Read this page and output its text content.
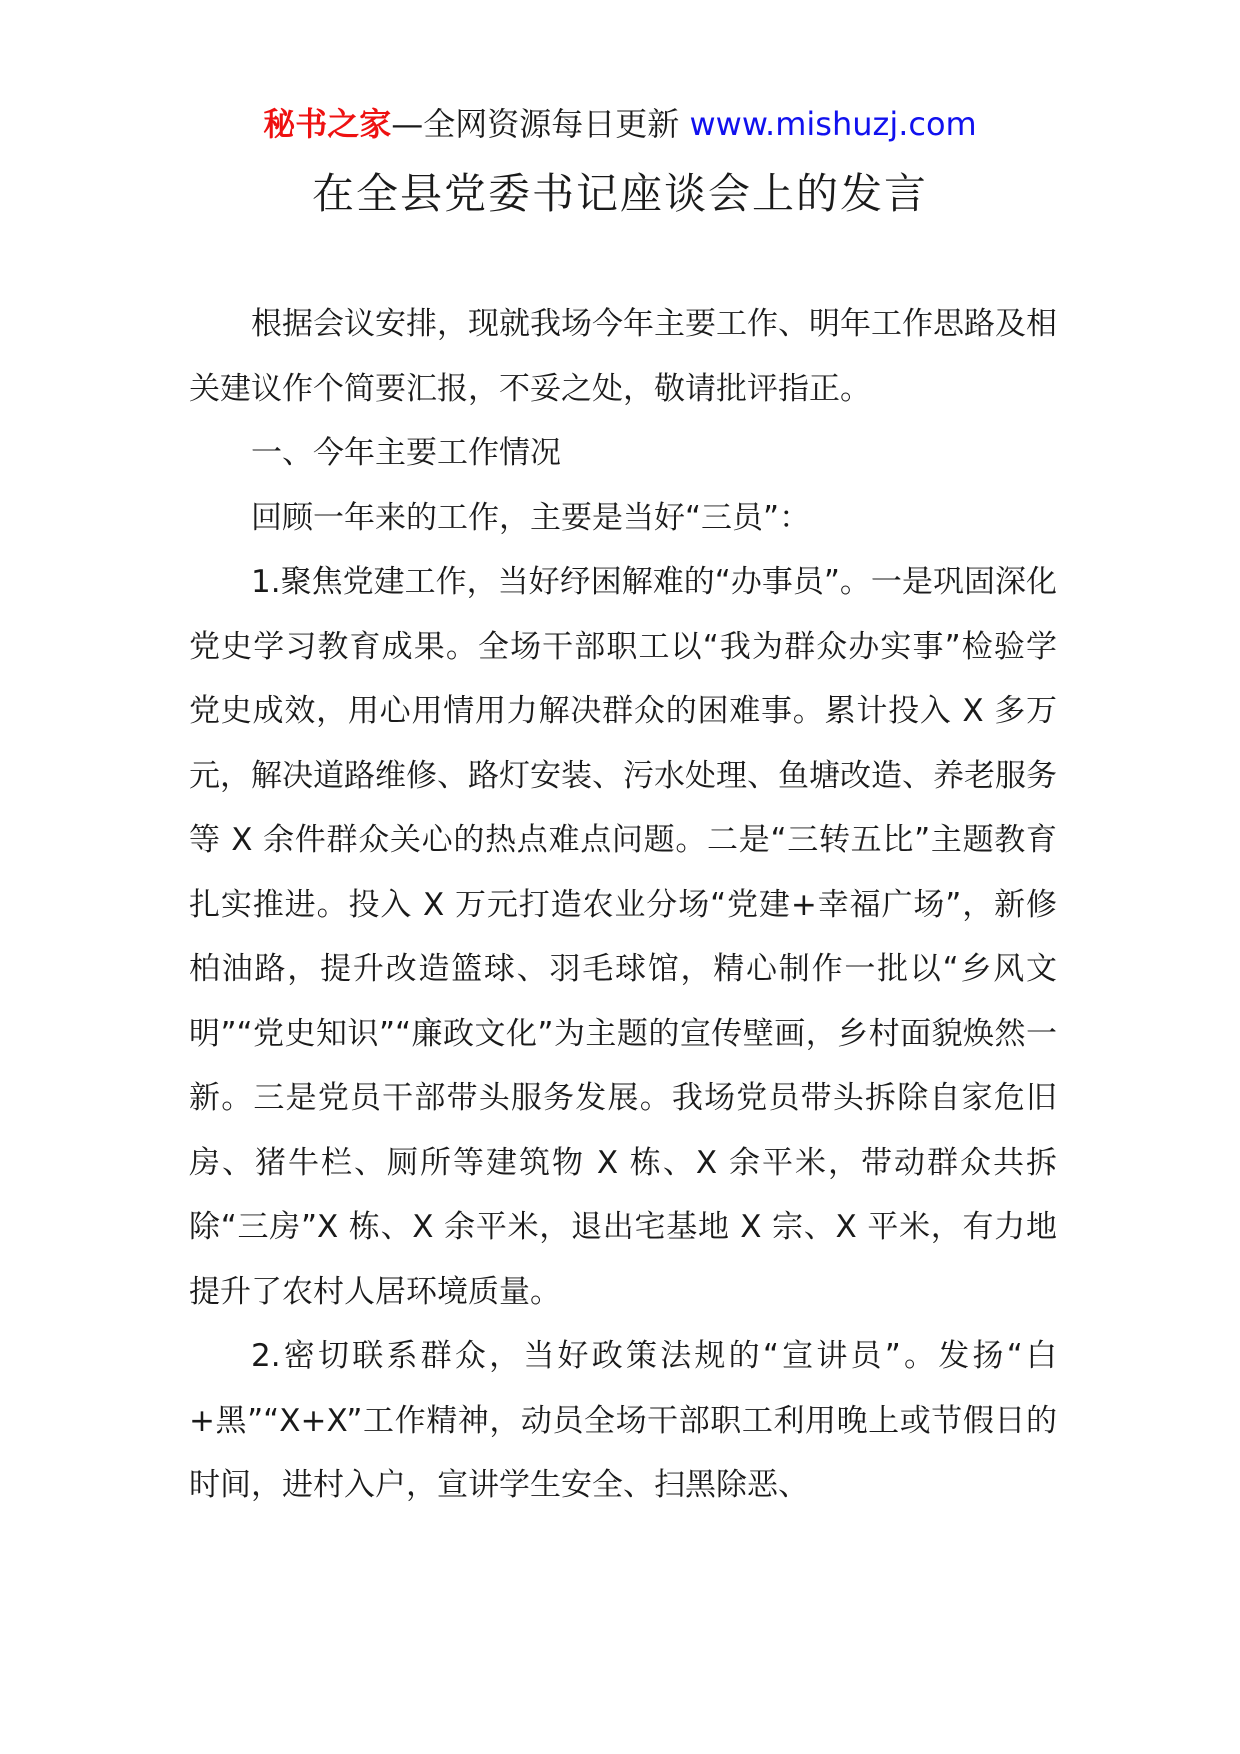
秘书之家—全网资源每日更新 www.mishuzj.com
在全县党委书记座谈会上的发言

根据会议安排，现就我场今年主要工作、明年工作思路及相关建议作个简要汇报，不妥之处，敬请批评指正。

一、今年主要工作情况

回顾一年来的工作，主要是当好“三员”：

1.聚焦党建工作，当好纾困解难的“办事员”。一是巩固深化党史学习教育成果。全场干部职工以“我为群众办实事”检验学党史成效，用心用情用力解决群众的困难事。累计投入 X 多万元，解决道路维修、路灯安装、污水处理、鱼塘改造、养老服务等 X 余件群众关心的热点难点问题。二是“三转五比”主题教育扎实推进。投入 X 万元打造农业分场“党建+幸福广场”，新修柏油路，提升改造篮球、羽毛球馆，精心制作一批以“乡风文明”“党史知识”“廉政文化”为主题的宣传壁画，乡村面貌焕然一新。三是党员干部带头服务发展。我场党员带头拆除自家危旧房、猪牛栏、厕所等建筑物 X 栋、X 余平米，带动群众共拆除“三房”X 栋、X 余平米，退出宅基地 X 宗、X 平米，有力地提升了农村人居环境质量。

2.密切联系群众，当好政策法规的“宣讲员”。发扬“白+黑”“X+X”工作精神，动员全场干部职工利用晚上或节假日的时间，进村入户，宣讲学生安全、扫黑除恶、
